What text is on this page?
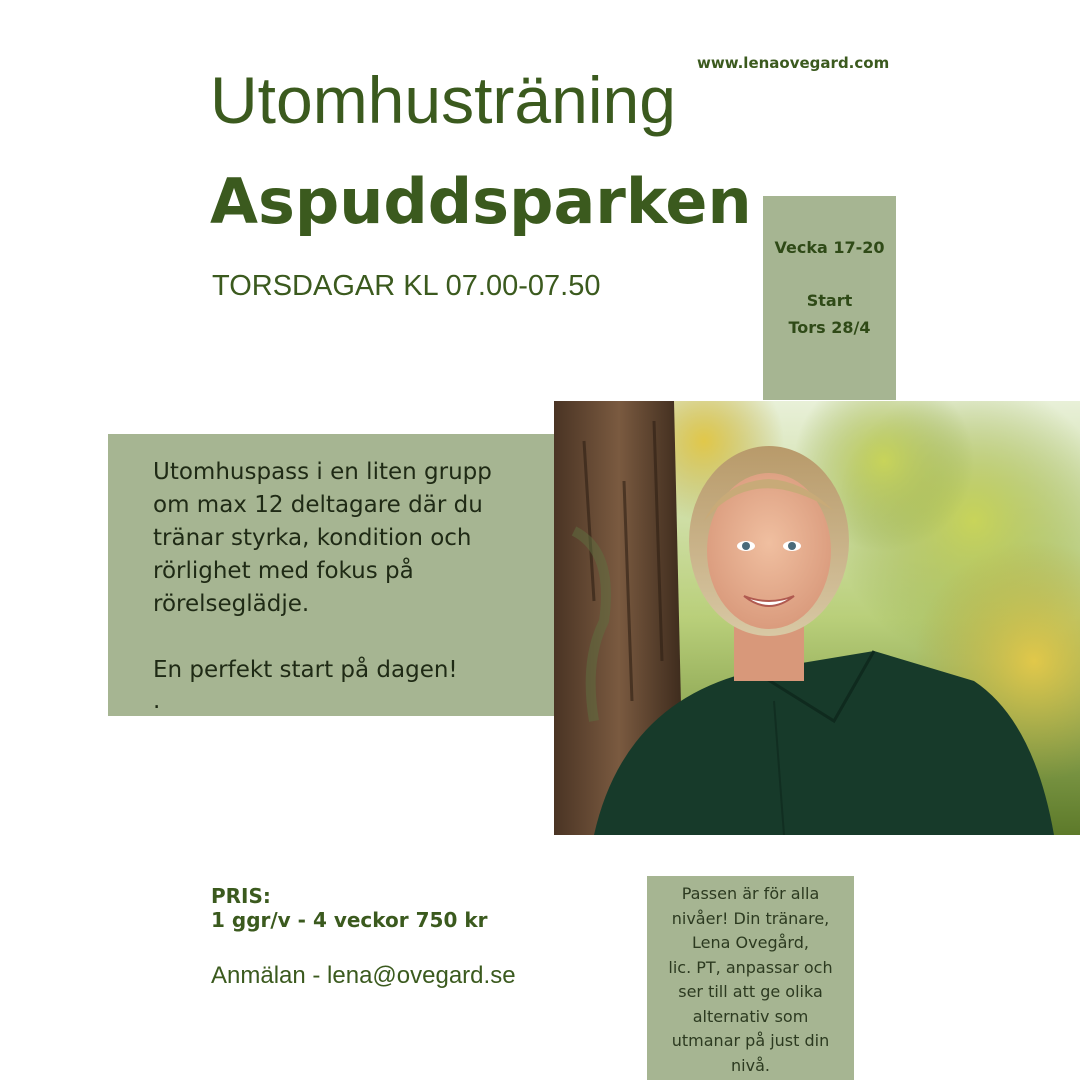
www.lenaovegard.com
Utomhusträning
Aspuddsparken
TORSDAGAR KL 07.00-07.50
Vecka 17-20
Start
Tors 28/4
Utomhuspass i en liten grupp
om max 12 deltagare där du
tränar styrka, kondition och
rörlighet med fokus på
rörelseglädje.
En perfekt start på dagen!
.
PRIS:
1 ggr/v - 4 veckor 750 kr
Anmälan - lena@ovegard.se
Passen är för alla
nivåer! Din tränare,
Lena Ovegård,
lic. PT, anpassar och
ser till att ge olika
alternativ som
utmanar på just din
nivå.
